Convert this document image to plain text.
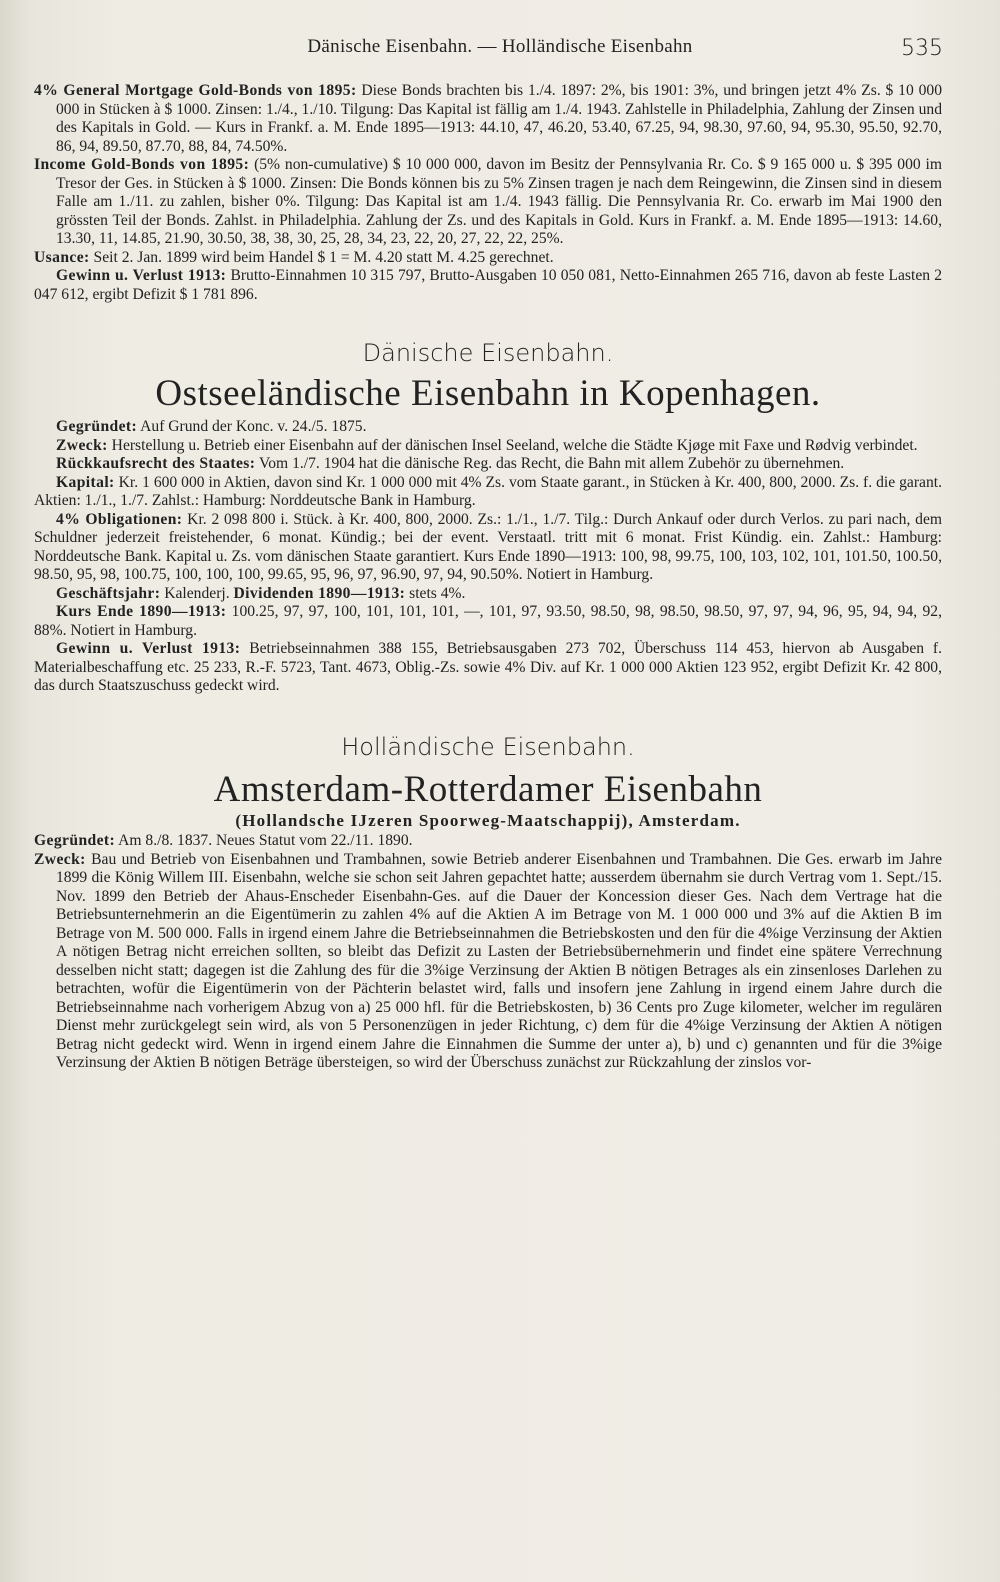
Dänische Eisenbahn. — Holländische Eisenbahn	535

4% General Mortgage Gold-Bonds von 1895: Diese Bonds brachten bis 1./4. 1897: 2%, bis 1901: 3%, und bringen jetzt 4% Zs. $ 10 000 000 in Stücken à $ 1000. Zinsen: 1./4., 1./10. Tilgung: Das Kapital ist fällig am 1./4. 1943. Zahlstelle in Philadelphia, Zahlung der Zinsen und des Kapitals in Gold. — Kurs in Frankf. a. M. Ende 1895—1913: 44.10, 47, 46.20, 53.40, 67.25, 94, 98.30, 97.60, 94, 95.30, 95.50, 92.70, 86, 94, 89.50, 87.70, 88, 84, 74.50%.

Income Gold-Bonds von 1895: (5% non-cumulative) $ 10 000 000, davon im Besitz der Pennsylvania Rr. Co. $ 9 165 000 u. $ 395 000 im Tresor der Ges. in Stücken à $ 1000. Zinsen: Die Bonds können bis zu 5% Zinsen tragen je nach dem Reingewinn, die Zinsen sind in diesem Falle am 1./11. zu zahlen, bisher 0%. Tilgung: Das Kapital ist am 1./4. 1943 fällig. Die Pennsylvania Rr. Co. erwarb im Mai 1900 den grössten Teil der Bonds. Zahlst. in Philadelphia. Zahlung der Zs. und des Kapitals in Gold. Kurs in Frankf. a. M. Ende 1895—1913: 14.60, 13.30, 11, 14.85, 21.90, 30.50, 38, 38, 30, 25, 28, 34, 23, 22, 20, 27, 22, 22, 25%.

Usance: Seit 2. Jan. 1899 wird beim Handel $ 1 = M. 4.20 statt M. 4.25 gerechnet.

Gewinn u. Verlust 1913: Brutto-Einnahmen 10 315 797, Brutto-Ausgaben 10 050 081, Netto-Einnahmen 265 716, davon ab feste Lasten 2 047 612, ergibt Defizit $ 1 781 896.

Dänische Eisenbahn.

Ostseeländische Eisenbahn in Kopenhagen.

Gegründet: Auf Grund der Konc. v. 24./5. 1875.

Zweck: Herstellung u. Betrieb einer Eisenbahn auf der dänischen Insel Seeland, welche die Städte Kjøge mit Faxe und Rødvig verbindet.

Rückkaufsrecht des Staates: Vom 1./7. 1904 hat die dänische Reg. das Recht, die Bahn mit allem Zubehör zu übernehmen.

Kapital: Kr. 1 600 000 in Aktien, davon sind Kr. 1 000 000 mit 4% Zs. vom Staate garant., in Stücken à Kr. 400, 800, 2000. Zs. f. die garant. Aktien: 1./1., 1./7. Zahlst.: Hamburg: Norddeutsche Bank in Hamburg.

4% Obligationen: Kr. 2 098 800 i. Stück. à Kr. 400, 800, 2000. Zs.: 1./1., 1./7. Tilg.: Durch Ankauf oder durch Verlos. zu pari nach, dem Schuldner jederzeit freistehender, 6 monat. Kündig.; bei der event. Verstaatl. tritt mit 6 monat. Frist Kündig. ein. Zahlst.: Hamburg: Norddeutsche Bank. Kapital u. Zs. vom dänischen Staate garantiert. Kurs Ende 1890—1913: 100, 98, 99.75, 100, 103, 102, 101, 101.50, 100.50, 98.50, 95, 98, 100.75, 100, 100, 100, 99.65, 95, 96, 97, 96.90, 97, 94, 90.50%. Notiert in Hamburg.

Geschäftsjahr: Kalenderj. Dividenden 1890—1913: stets 4%.

Kurs Ende 1890—1913: 100.25, 97, 97, 100, 101, 101, 101, —, 101, 97, 93.50, 98.50, 98, 98.50, 98.50, 97, 97, 94, 96, 95, 94, 94, 92, 88%. Notiert in Hamburg.

Gewinn u. Verlust 1913: Betriebseinnahmen 388 155, Betriebsausgaben 273 702, Überschuss 114 453, hiervon ab Ausgaben f. Materialbeschaffung etc. 25 233, R.-F. 5723, Tant. 4673, Oblig.-Zs. sowie 4% Div. auf Kr. 1 000 000 Aktien 123 952, ergibt Defizit Kr. 42 800, das durch Staatszuschuss gedeckt wird.

Holländische Eisenbahn.

Amsterdam-Rotterdamer Eisenbahn

(Hollandsche IJzeren Spoorweg-Maatschappij), Amsterdam.

Gegründet: Am 8./8. 1837. Neues Statut vom 22./11. 1890.

Zweck: Bau und Betrieb von Eisenbahnen und Trambahnen, sowie Betrieb anderer Eisenbahnen und Trambahnen. Die Ges. erwarb im Jahre 1899 die König Willem III. Eisenbahn, welche sie schon seit Jahren gepachtet hatte; ausserdem übernahm sie durch Vertrag vom 1. Sept./15. Nov. 1899 den Betrieb der Ahaus-Enscheder Eisenbahn-Ges. auf die Dauer der Koncession dieser Ges. Nach dem Vertrage hat die Betriebsunternehmerin an die Eigentümerin zu zahlen 4% auf die Aktien A im Betrage von M. 1 000 000 und 3% auf die Aktien B im Betrage von M. 500 000. Falls in irgend einem Jahre die Betriebseinnahmen die Betriebskosten und den für die 4%ige Verzinsung der Aktien A nötigen Betrag nicht erreichen sollten, so bleibt das Defizit zu Lasten der Betriebsübernehmerin und findet eine spätere Verrechnung desselben nicht statt; dagegen ist die Zahlung des für die 3%ige Verzinsung der Aktien B nötigen Betrages als ein zinsenloses Darlehen zu betrachten, wofür die Eigentümerin von der Pächterin belastet wird, falls und insofern jene Zahlung in irgend einem Jahre durch die Betriebseinnahme nach vorherigem Abzug von a) 25 000 hfl. für die Betriebskosten, b) 36 Cents pro Zuge kilometer, welcher im regulären Dienst mehr zurückgelegt sein wird, als von 5 Personenzügen in jeder Richtung, c) dem für die 4%ige Verzinsung der Aktien A nötigen Betrag nicht gedeckt wird. Wenn in irgend einem Jahre die Einnahmen die Summe der unter a), b) und c) genannten und für die 3%ige Verzinsung der Aktien B nötigen Beträge übersteigen, so wird der Überschuss zunächst zur Rückzahlung der zinslos vor-
